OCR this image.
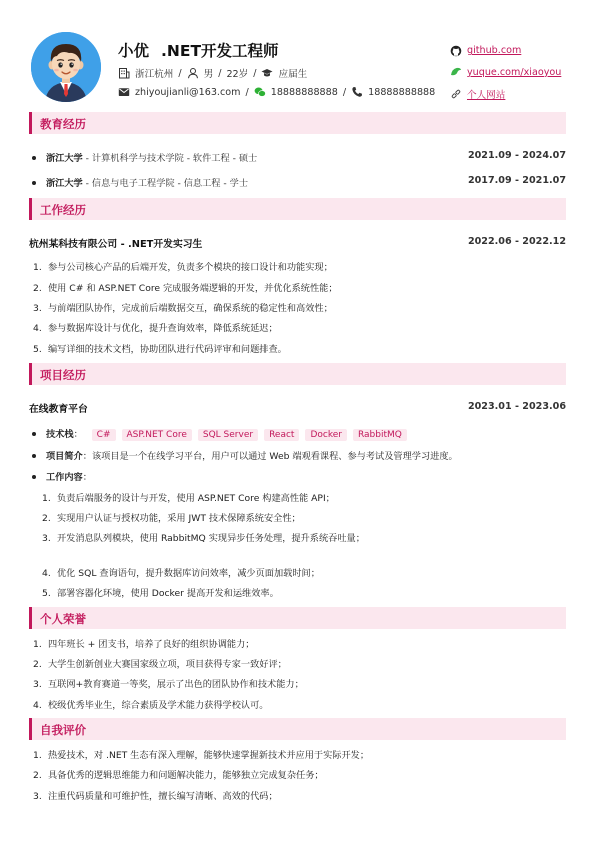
小优 .NET开发工程师
浙江杭州 / 男 / 22岁 / 应届生
zhiyoujianli@163.com / 18888888888 / 18888888888
github.com
yuque.com/xiaoyou
个人网站
教育经历
浙江大学 - 计算机科学与技术学院 - 软件工程 - 硕士	2021.09 - 2024.07
浙江大学 - 信息与电子工程学院 - 信息工程 - 学士	2017.09 - 2021.07
工作经历
杭州某科技有限公司 - .NET开发实习生	2022.06 - 2022.12
1. 参与公司核心产品的后端开发，负责多个模块的接口设计和功能实现；
2. 使用 C# 和 ASP.NET Core 完成服务端逻辑的开发，并优化系统性能；
3. 与前端团队协作，完成前后端数据交互，确保系统的稳定性和高效性；
4. 参与数据库设计与优化，提升查询效率，降低系统延迟；
5. 编写详细的技术文档，协助团队进行代码评审和问题排查。
项目经历
在线教育平台	2023.01 - 2023.06
技术栈：	C#	ASP.NET Core	SQL Server	React	Docker	RabbitMQ
项目简介：该项目是一个在线学习平台，用户可以通过 Web 端观看课程、参与考试及管理学习进度。
工作内容：
1. 负责后端服务的设计与开发，使用 ASP.NET Core 构建高性能 API；
2. 实现用户认证与授权功能，采用 JWT 技术保障系统安全性；
3. 开发消息队列模块，使用 RabbitMQ 实现异步任务处理，提升系统吞吐量；
4. 优化 SQL 查询语句，提升数据库访问效率，减少页面加载时间；
5. 部署容器化环境，使用 Docker 提高开发和运维效率。
个人荣誉
1. 四年班长 + 团支书，培养了良好的组织协调能力；
2. 大学生创新创业大赛国家级立项，项目获得专家一致好评；
3. 互联网+教育赛道一等奖，展示了出色的团队协作和技术能力；
4. 校级优秀毕业生，综合素质及学术能力获得学校认可。
自我评价
1. 热爱技术，对 .NET 生态有深入理解，能够快速掌握新技术并应用于实际开发；
2. 具备优秀的逻辑思维能力和问题解决能力，能够独立完成复杂任务；
3. 注重代码质量和可维护性，擅长编写清晰、高效的代码；
